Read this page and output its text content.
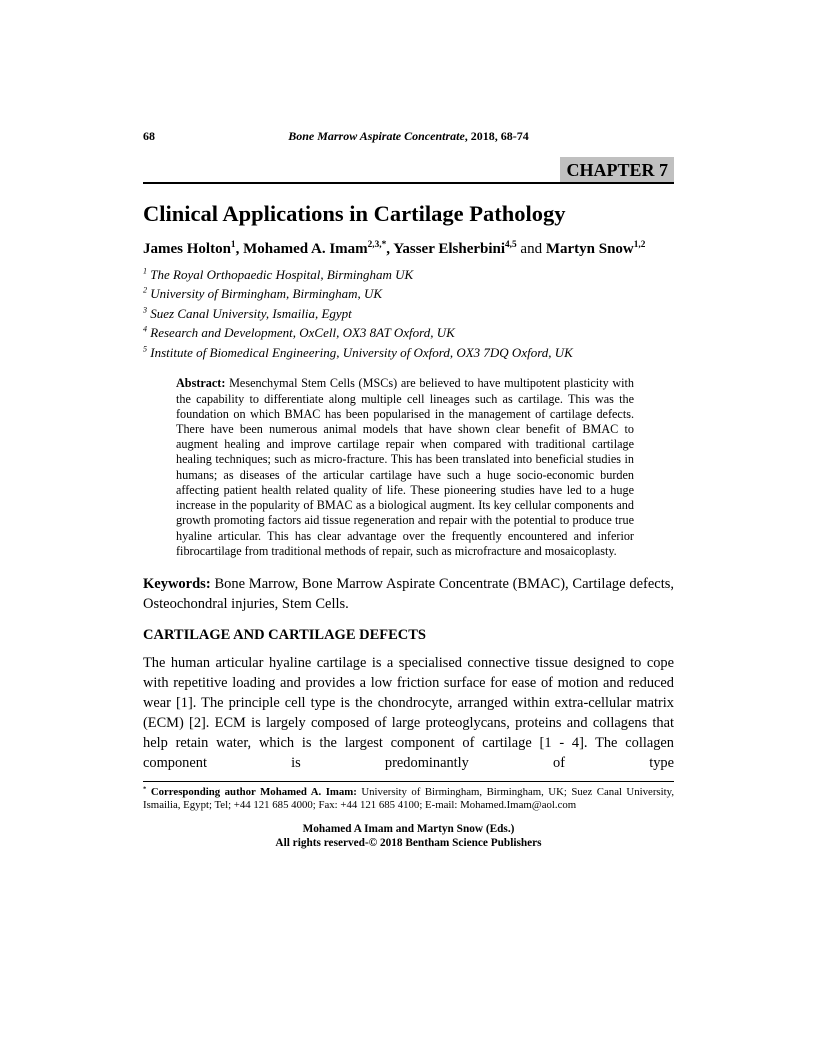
68	Bone Marrow Aspirate Concentrate, 2018, 68-74
CHAPTER 7
Clinical Applications in Cartilage Pathology

James Holton$^1$, Mohamed A. Imam$^{2,3,*}$, Yasser Elsherbini$^{4,5}$ and Martyn Snow$^{1,2}$

$^1$ The Royal Orthopaedic Hospital, Birmingham UK

$^2$ University of Birmingham, Birmingham, UK

$^3$ Suez Canal University, Ismailia, Egypt

$^4$ Research and Development, OxCell, OX3 8AT Oxford, UK

$^5$ Institute of Biomedical Engineering, University of Oxford, OX3 7DQ Oxford, UK

Abstract: Mesenchymal Stem Cells (MSCs) are believed to have multipotent plasticity with the capability to differentiate along multiple cell lineages such as cartilage. This was the foundation on which BMAC has been popularised in the management of cartilage defects. There have been numerous animal models that have shown clear benefit of BMAC to augment healing and improve cartilage repair when compared with traditional cartilage healing techniques; such as micro-fracture. This has been translated into beneficial studies in humans; as diseases of the articular cartilage have such a huge socio-economic burden affecting patient health related quality of life. These pioneering studies have led to a huge increase in the popularity of BMAC as a biological augment. Its key cellular components and growth promoting factors aid tissue regeneration and repair with the potential to produce true hyaline articular. This has clear advantage over the frequently encountered and inferior fibrocartilage from traditional methods of repair, such as microfracture and mosaicoplasty.

Keywords: Bone Marrow, Bone Marrow Aspirate Concentrate (BMAC), Cartilage defects, Osteochondral injuries, Stem Cells.

CARTILAGE AND CARTILAGE DEFECTS

The human articular hyaline cartilage is a specialised connective tissue designed to cope with repetitive loading and provides a low friction surface for ease of motion and reduced wear [1]. The principle cell type is the chondrocyte, arranged within extra-cellular matrix (ECM) [2]. ECM is largely composed of large proteoglycans, proteins and collagens that help retain water, which is the largest component of cartilage [1 - 4]. The collagen component is predominantly of type

* Corresponding author Mohamed A. Imam: University of Birmingham, Birmingham, UK; Suez Canal University, Ismailia, Egypt; Tel; +44 121 685 4000; Fax: +44 121 685 4100; E-mail: Mohamed.Imam@aol.com

Mohamed A Imam and Martyn Snow (Eds.)
All rights reserved-© 2018 Bentham Science Publishers
